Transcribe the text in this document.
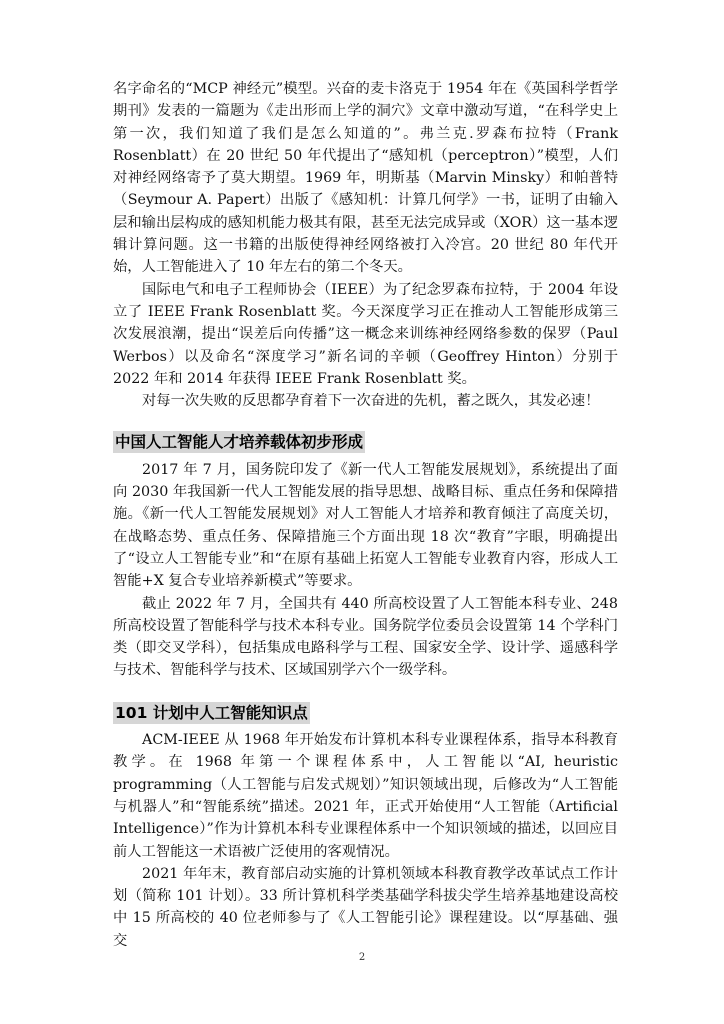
名字命名的“MCP 神经元”模型。兴奋的麦卡洛克于 1954 年在《英国科学哲学期刊》发表的一篇题为《走出形而上学的洞穴》文章中激动写道，“在科学史上第一次，我们知道了我们是怎么知道的”。弗兰克.罗森布拉特（Frank Rosenblatt）在 20 世纪 50 年代提出了“感知机（perceptron）”模型，人们对神经网络寄予了莫大期望。1969 年，明斯基（Marvin Minsky）和帕普特（Seymour A. Papert）出版了《感知机：计算几何学》一书，证明了由输入层和输出层构成的感知机能力极其有限，甚至无法完成异或（XOR）这一基本逻辑计算问题。这一书籍的出版使得神经网络被打入冷宫。20 世纪 80 年代开始，人工智能进入了 10 年左右的第二个冬天。

国际电气和电子工程师协会（IEEE）为了纪念罗森布拉特，于 2004 年设立了 IEEE Frank Rosenblatt 奖。今天深度学习正在推动人工智能形成第三次发展浪潮，提出“误差后向传播”这一概念来训练神经网络参数的保罗（Paul Werbos）以及命名“深度学习”新名词的辛顿（Geoffrey Hinton）分别于 2022 年和 2014 年获得 IEEE Frank Rosenblatt 奖。

对每一次失败的反思都孕育着下一次奋进的先机，蓄之既久，其发必速！

中国人工智能人才培养载体初步形成

2017 年 7 月，国务院印发了《新一代人工智能发展规划》，系统提出了面向 2030 年我国新一代人工智能发展的指导思想、战略目标、重点任务和保障措施。《新一代人工智能发展规划》对人工智能人才培养和教育倾注了高度关切，在战略态势、重点任务、保障措施三个方面出现 18 次“教育”字眼，明确提出了“设立人工智能专业”和“在原有基础上拓宽人工智能专业教育内容，形成人工智能+X 复合专业培养新模式”等要求。

截止 2022 年 7 月，全国共有 440 所高校设置了人工智能本科专业、248 所高校设置了智能科学与技术本科专业。国务院学位委员会设置第 14 个学科门类（即交叉学科），包括集成电路科学与工程、国家安全学、设计学、遥感科学与技术、智能科学与技术、区域国别学六个一级学科。

101 计划中人工智能知识点

ACM-IEEE 从 1968 年开始发布计算机本科专业课程体系，指导本科教育教学。在 1968 年第一个课程体系中，人工智能以“AI, heuristic programming（人工智能与启发式规划）”知识领域出现，后修改为“人工智能与机器人”和“智能系统”描述。2021 年，正式开始使用“人工智能（Artificial Intelligence）”作为计算机本科专业课程体系中一个知识领域的描述，以回应目前人工智能这一术语被广泛使用的客观情况。

2021 年年末，教育部启动实施的计算机领域本科教育教学改革试点工作计划（简称 101 计划）。33 所计算机科学类基础学科拔尖学生培养基地建设高校中 15 所高校的 40 位老师参与了《人工智能引论》课程建设。以“厚基础、强交

2
